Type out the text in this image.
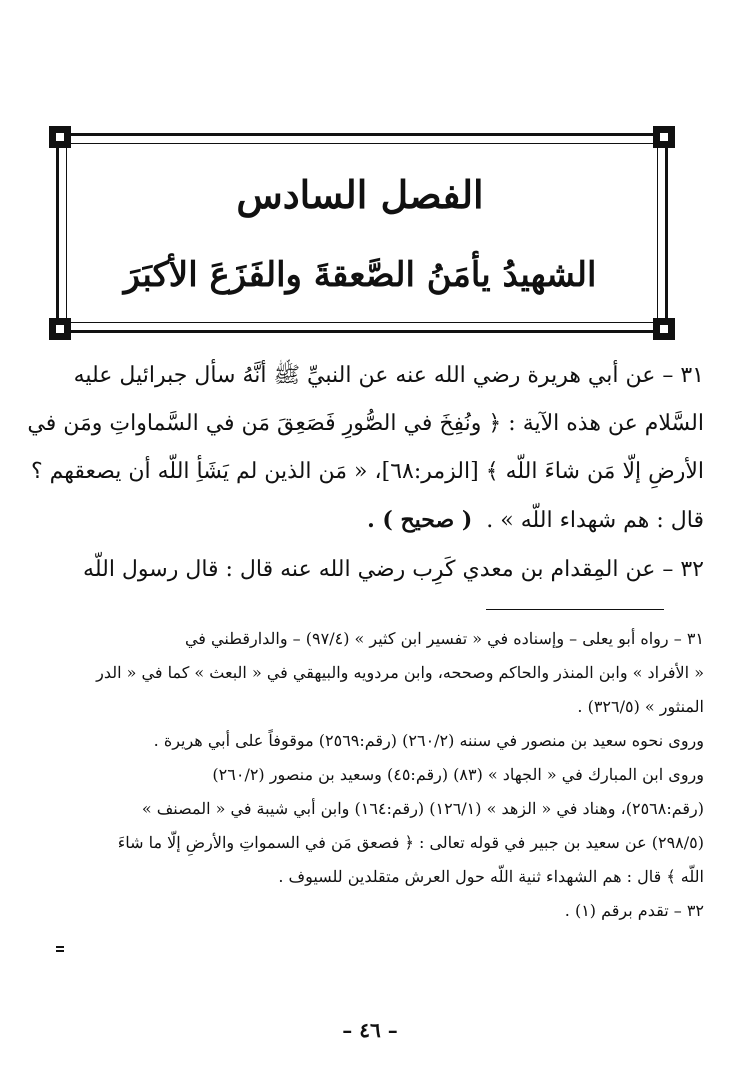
الفصل السادس
الشهيدُ يأمَنُ الصَّعقةَ والفَزَعَ الأكبَرَ
٣١ – عن أبي هريرة رضي الله عنه عن النبيِّ ﷺ أنَّهُ سأل جبرائيل عليه
السَّلام عن هذه الآية : ﴿ ونُفِخَ في الصُّورِ فَصَعِقَ مَن في السَّماواتِ ومَن في
الأرضِ إلّا مَن شاءَ اللّه ﴾ [الزمر:٦٨]، « مَن الذين لم يَشَأِ اللّه أن يصعقهم ؟
قال : هم شهداء اللّه » .  ( صحيح ) .
٣٢ – عن المِقدام بن معدي كَرِب رضي الله عنه قال : قال رسول اللّه
٣١ – رواه أبو يعلى – وإسناده في « تفسير ابن كثير » (٩٧/٤) – والدارقطني في
« الأفراد » وابن المنذر والحاكم وصححه، وابن مردويه والبيهقي في « البعث » كما في « الدر
المنثور » (٣٢٦/٥) .
وروى نحوه سعيد بن منصور في سننه (٢٦٠/٢) (رقم:٢٥٦٩) موقوفاً على أبي هريرة .
وروى ابن المبارك في « الجهاد » (٨٣) (رقم:٤٥) وسعيد بن منصور (٢٦٠/٢)
(رقم:٢٥٦٨)، وهناد في « الزهد » (١٢٦/١) (رقم:١٦٤) وابن أبي شيبة في « المصنف »
(٢٩٨/٥) عن سعيد بن جبير في قوله تعالى : ﴿ فصعق مَن في السمواتِ والأرضِ إلّا ما شاءَ
اللّه ﴾ قال : هم الشهداء ثنية اللّه حول العرش متقلدين للسيوف .
٣٢ – تقدم برقم (١) .
– ٤٦ –
